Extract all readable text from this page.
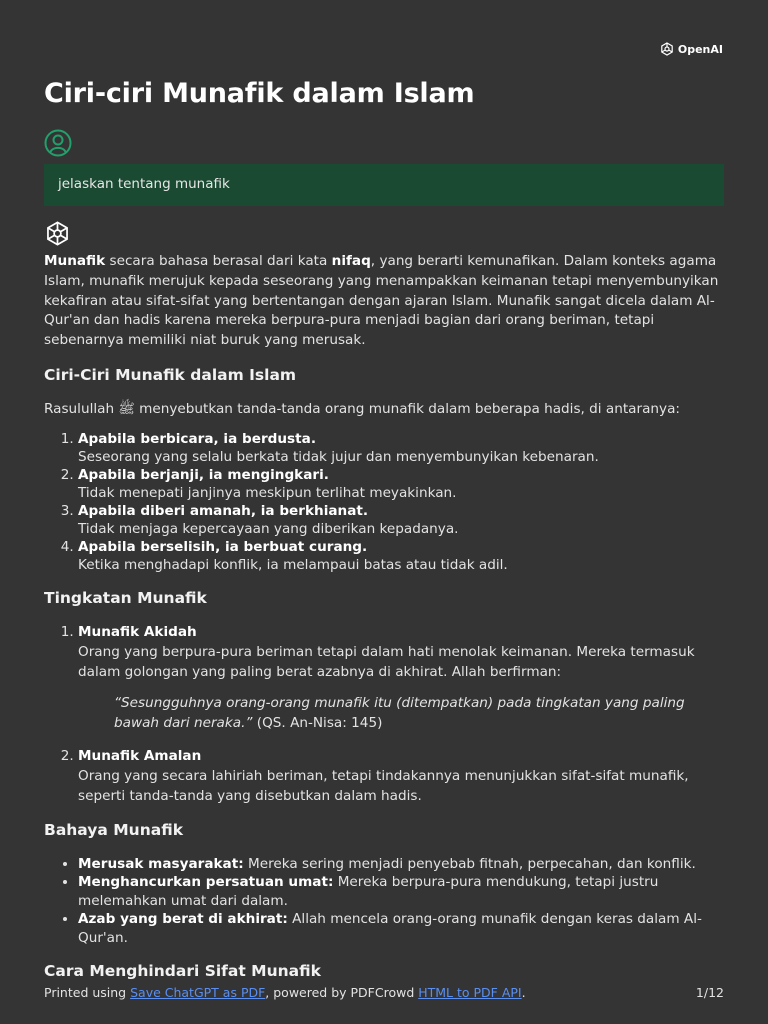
OpenAI
Ciri-ciri Munafik dalam Islam
jelaskan tentang munafik

Munafik secara bahasa berasal dari kata nifaq, yang berarti kemunafikan. Dalam konteks agama Islam, munafik merujuk kepada seseorang yang menampakkan keimanan tetapi menyembunyikan kekafiran atau sifat-sifat yang bertentangan dengan ajaran Islam. Munafik sangat dicela dalam Al-Qur'an dan hadis karena mereka berpura-pura menjadi bagian dari orang beriman, tetapi sebenarnya memiliki niat buruk yang merusak.

Ciri-Ciri Munafik dalam Islam

Rasulullah ﷺ menyebutkan tanda-tanda orang munafik dalam beberapa hadis, di antaranya:

1. Apabila berbicara, ia berdusta.
Seseorang yang selalu berkata tidak jujur dan menyembunyikan kebenaran.
2. Apabila berjanji, ia mengingkari.
Tidak menepati janjinya meskipun terlihat meyakinkan.
3. Apabila diberi amanah, ia berkhianat.
Tidak menjaga kepercayaan yang diberikan kepadanya.
4. Apabila berselisih, ia berbuat curang.
Ketika menghadapi konflik, ia melampaui batas atau tidak adil.
Tingkatan Munafik
1. Munafik Akidah
Orang yang berpura-pura beriman tetapi dalam hati menolak keimanan. Mereka termasuk dalam golongan yang paling berat azabnya di akhirat. Allah berfirman:

“Sesungguhnya orang-orang munafik itu (ditempatkan) pada tingkatan yang paling bawah dari neraka.” (QS. An-Nisa: 145)

2. Munafik Amalan
Orang yang secara lahiriah beriman, tetapi tindakannya menunjukkan sifat-sifat munafik, seperti tanda-tanda yang disebutkan dalam hadis.
Bahaya Munafik
• Merusak masyarakat: Mereka sering menjadi penyebab fitnah, perpecahan, dan konflik.
• Menghancurkan persatuan umat: Mereka berpura-pura mendukung, tetapi justru melemahkan umat dari dalam.
• Azab yang berat di akhirat: Allah mencela orang-orang munafik dengan keras dalam Al-Qur'an.
Cara Menghindari Sifat Munafik
Printed using Save ChatGPT as PDF, powered by PDFCrowd HTML to PDF API.	1/12
